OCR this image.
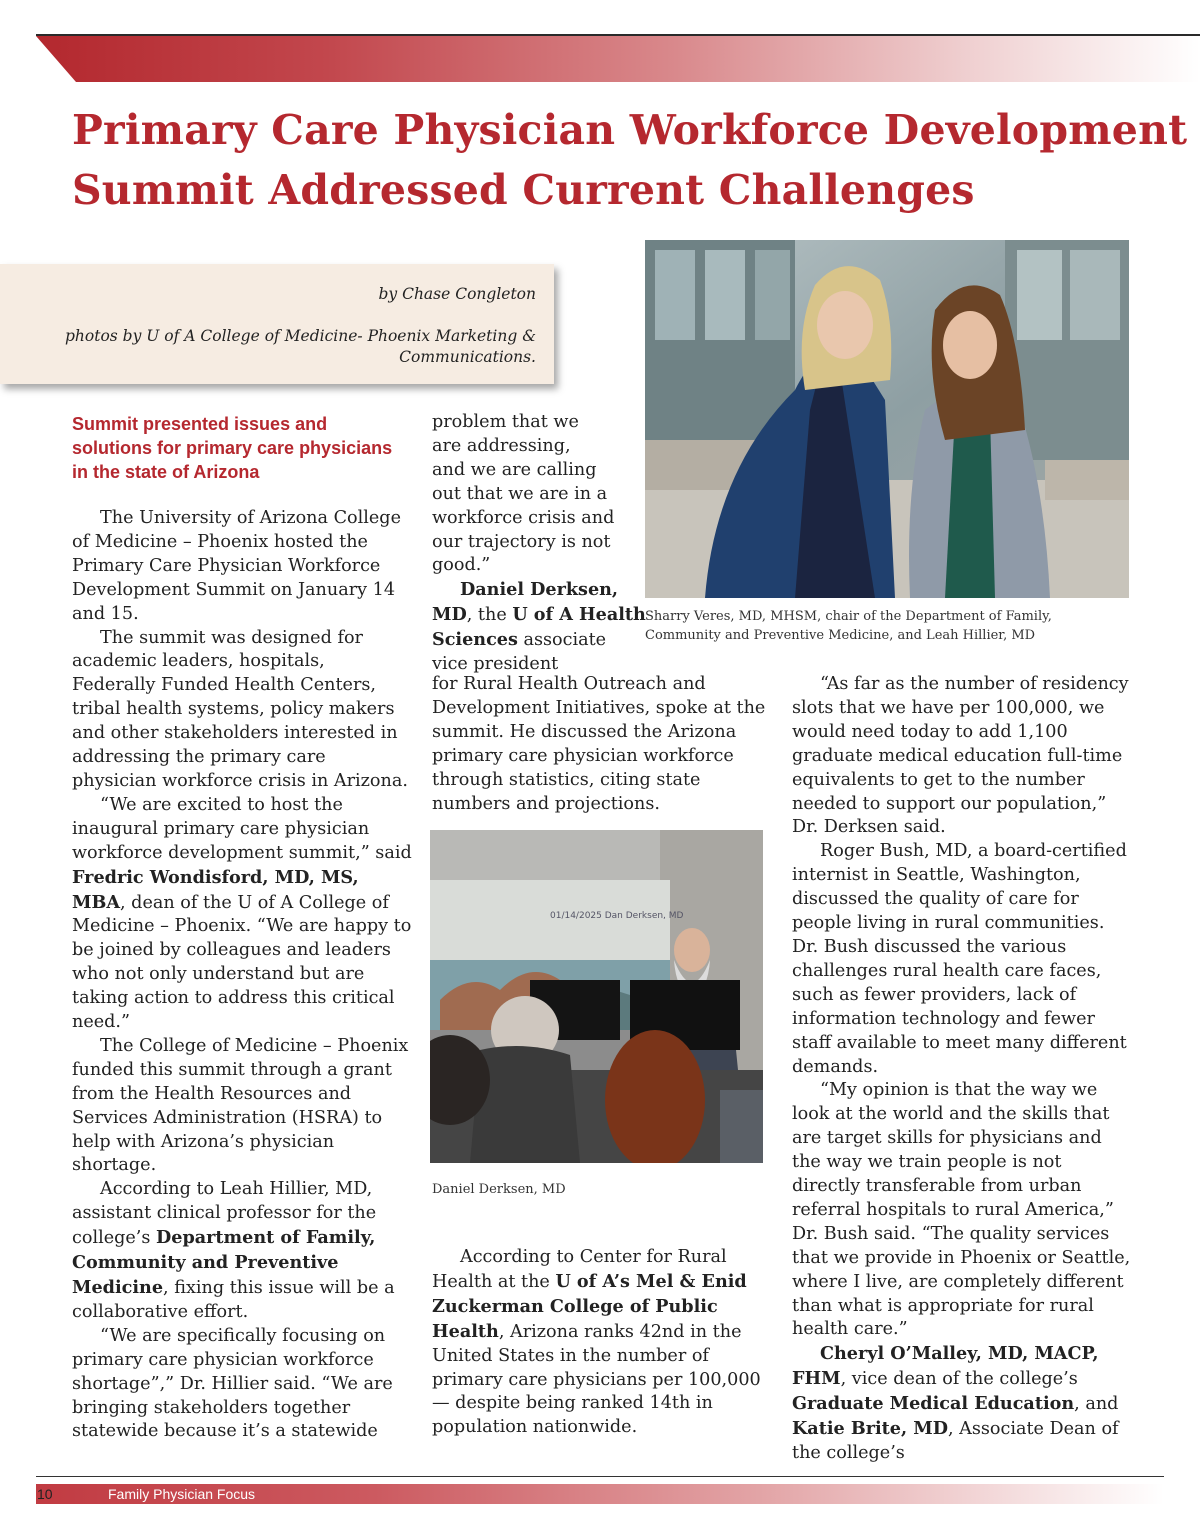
Primary Care Physician Workforce Development
Summit Addressed Current Challenges
by Chase Congleton
photos by U of A College of Medicine- Phoenix Marketing & Communications.
Sharry Veres, MD, MHSM, chair of the Department of Family, Community and Preventive Medicine, and Leah Hillier, MD
01/14/2025 Dan Derksen, MD
Daniel Derksen, MD
Summit presented issues and solutions for primary care physicians in the state of Arizona

The University of Arizona College of Medicine – Phoenix hosted the Primary Care Physician Workforce Development Summit on January 14 and 15.

The summit was designed for academic leaders, hospitals, Federally Funded Health Centers, tribal health systems, policy makers and other stakeholders interested in addressing the primary care physician workforce crisis in Arizona.

“We are excited to host the inaugural primary care physician workforce development summit,” said Fredric Wondisford, MD, MS, MBA, dean of the U of A College of Medicine – Phoenix. “We are happy to be joined by colleagues and leaders who not only understand but are taking action to address this critical need.”

The College of Medicine – Phoenix funded this summit through a grant from the Health Resources and Services Administration (HSRA) to help with Arizona’s physician shortage.

According to Leah Hillier, MD, assistant clinical professor for the college’s Department of Family, Community and Preventive Medicine, fixing this issue will be a collaborative effort.

“We are specifically focusing on primary care physician workforce shortage”,” Dr. Hillier said. “We are bringing stakeholders together statewide because it’s a statewide

problem that we
are addressing,
and we are calling
out that we are in a
workforce crisis and
our trajectory is not
good.”
Daniel Derksen,
MD, the U of A Health
Sciences associate
vice president

for Rural Health Outreach and Development Initiatives, spoke at the summit. He discussed the Arizona primary care physician workforce through statistics, citing state numbers and projections.

According to Center for Rural Health at the U of A’s Mel & Enid Zuckerman College of Public Health, Arizona ranks 42nd in the United States in the number of primary care physicians per 100,000 — despite being ranked 14th in population nationwide.

“As far as the number of residency slots that we have per 100,000, we would need today to add 1,100 graduate medical education full-time equivalents to get to the number needed to support our population,” Dr. Derksen said.

Roger Bush, MD, a board-certified internist in Seattle, Washington, discussed the quality of care for people living in rural communities. Dr. Bush discussed the various challenges rural health care faces, such as fewer providers, lack of information technology and fewer staff available to meet many different demands.

“My opinion is that the way we look at the world and the skills that are target skills for physicians and the way we train people is not directly transferable from urban referral hospitals to rural America,” Dr. Bush said. “The quality services that we provide in Phoenix or Seattle, where I live, are completely different than what is appropriate for rural health care.”

Cheryl O’Malley, MD, MACP, FHM, vice dean of the college’s Graduate Medical Education, and Katie Brite, MD, Associate Dean of the college’s

10	Family Physician Focus
